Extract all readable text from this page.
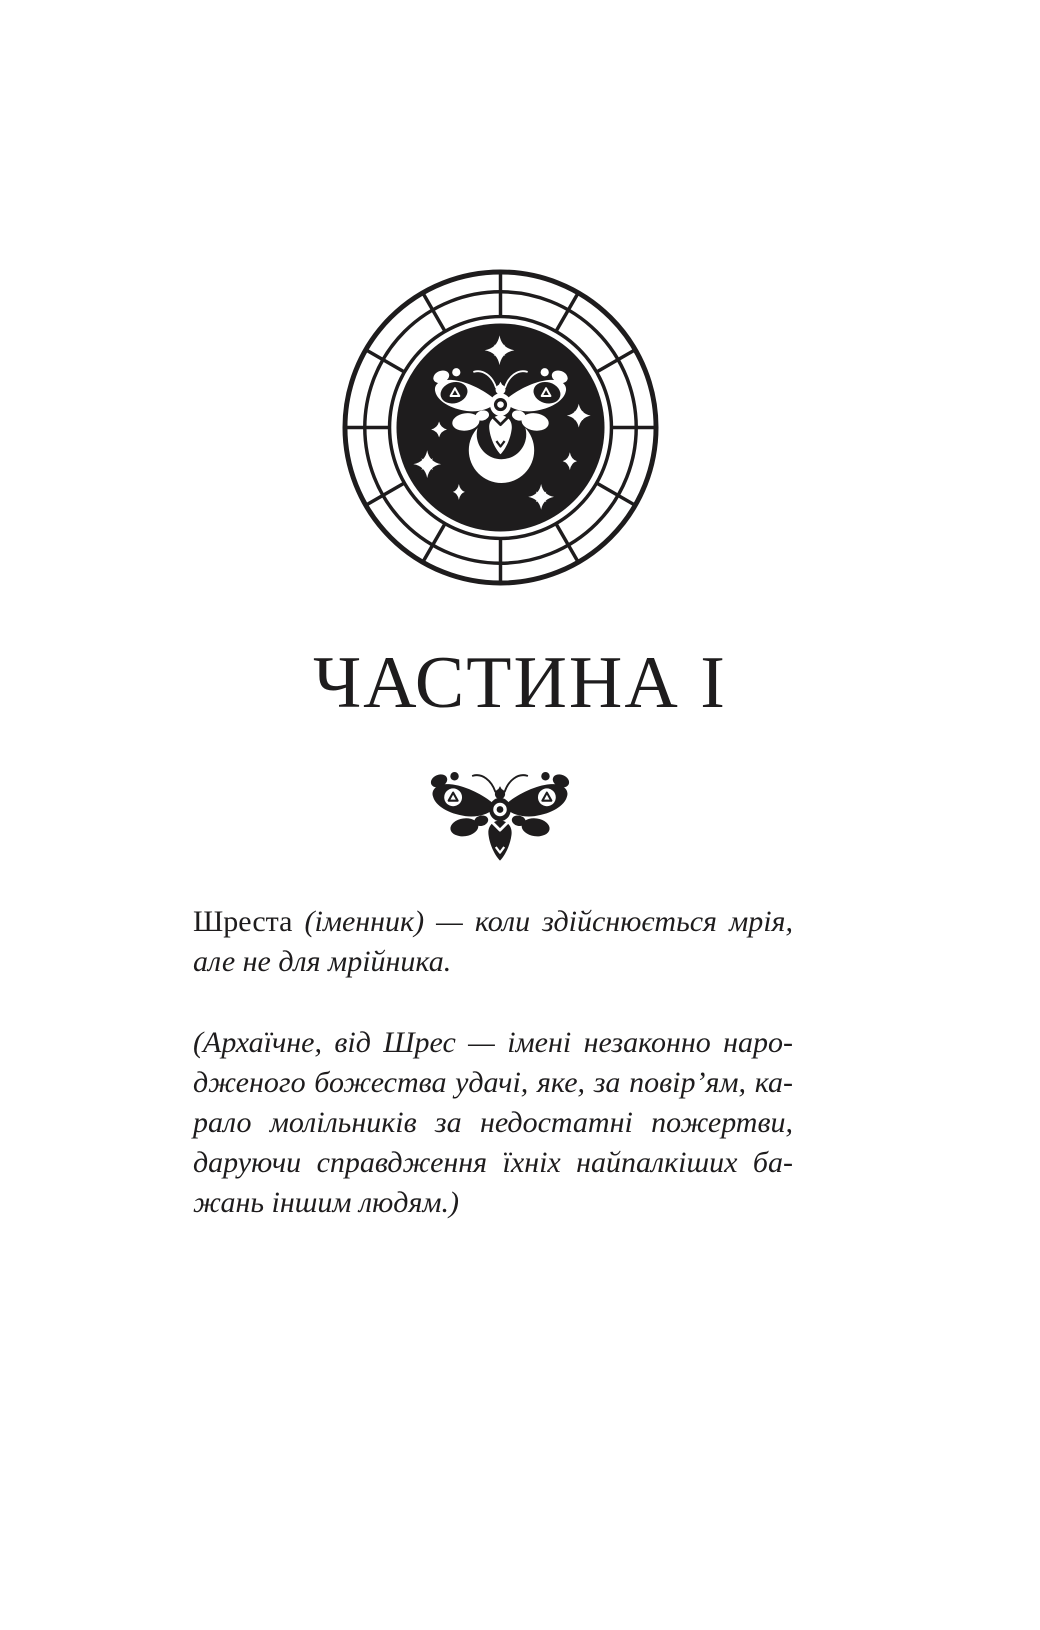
ЧАСТИНА І
Шреста (іменник) — коли здійснюється мрія,
але не для мрійника.
(Архаїчне, від Шрес — імені незаконно наро-
дженого божества удачі, яке, за повір’ям, ка-
рало молільників за недостатні пожертви,
даруючи справдження їхніх найпалкіших ба-
жань іншим людям.)
